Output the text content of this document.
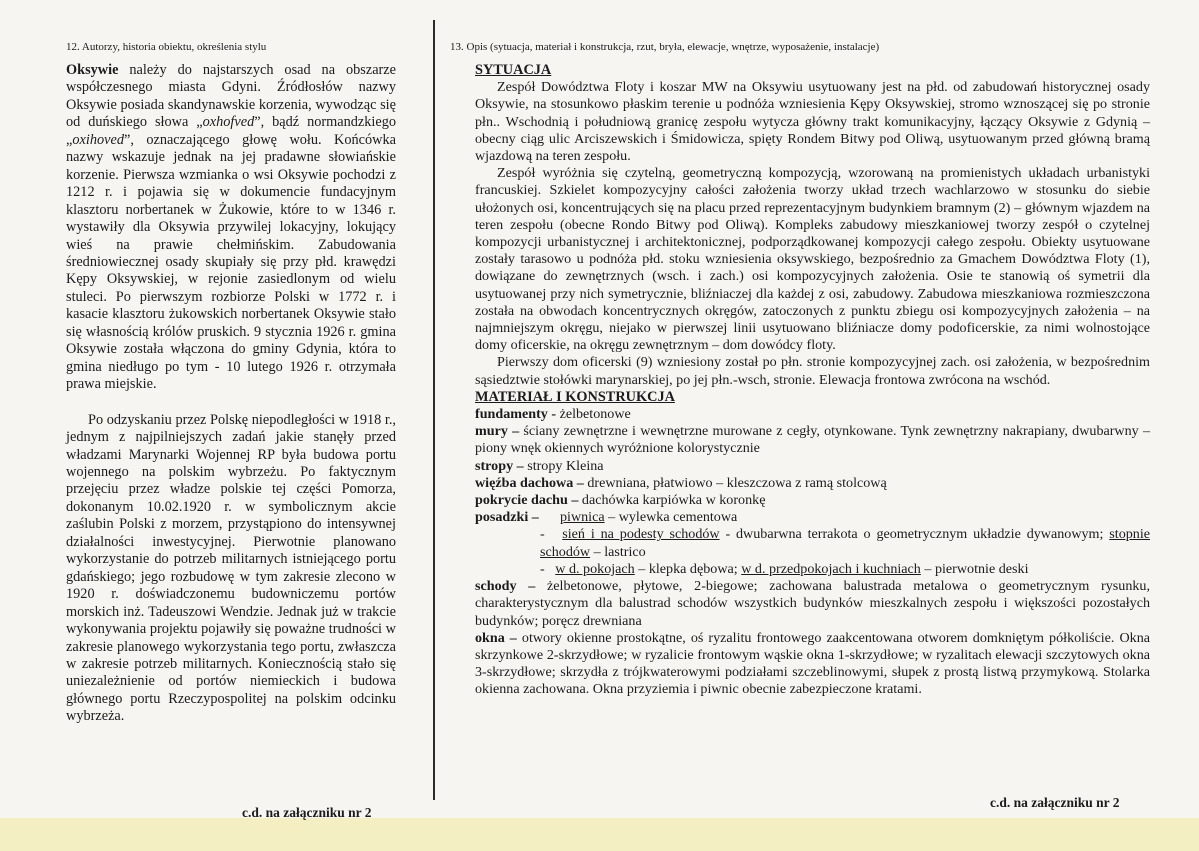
12. Autorzy, historia obiektu, określenia stylu

Oksywie należy do najstarszych osad na obszarze współczesnego miasta Gdyni. Źródłosłów nazwy Oksywie posiada skandynawskie korzenia, wywodząc się od duńskiego słowa „oxhofved”, bądź normandzkiego „oxihoved”, oznaczającego głowę wołu. Końcówka nazwy wskazuje jednak na jej pradawne słowiańskie korzenie. Pierwsza wzmianka o wsi Oksywie pochodzi z 1212 r. i pojawia się w dokumencie fundacyjnym klasztoru norbertanek w Żukowie, które to w 1346 r. wystawiły dla Oksywia przywilej lokacyjny, lokujący wieś na prawie chełmińskim. Zabudowania średniowiecznej osady skupiały się przy płd. krawędzi Kępy Oksywskiej, w rejonie zasiedlonym od wielu stuleci. Po pierwszym rozbiorze Polski w 1772 r. i kasacie klasztoru żukowskich norbertanek Oksywie stało się własnością królów pruskich. 9 stycznia 1926 r. gmina Oksywie została włączona do gminy Gdynia, która to gmina niedługo po tym - 10 lutego 1926 r. otrzymała prawa miejskie.

Po odzyskaniu przez Polskę niepodległości w 1918 r., jednym z najpilniejszych zadań jakie stanęły przed władzami Marynarki Wojennej RP była budowa portu wojennego na polskim wybrzeżu. Po faktycznym przejęciu przez władze polskie tej części Pomorza, dokonanym 10.02.1920 r. w symbolicznym akcie zaślubin Polski z morzem, przystąpiono do intensywnej działalności inwestycyjnej. Pierwotnie planowano wykorzystanie do potrzeb militarnych istniejącego portu gdańskiego; jego rozbudowę w tym zakresie zlecono w 1920 r. doświadczonemu budowniczemu portów morskich inż. Tadeuszowi Wendzie. Jednak już w trakcie wykonywania projektu pojawiły się poważne trudności w zakresie planowego wykorzystania tego portu, zwłaszcza w zakresie potrzeb militarnych. Koniecznością stało się uniezależnienie od portów niemieckich i budowa głównego portu Rzeczypospolitej na polskim odcinku wybrzeża.

13. Opis (sytuacja, materiał i konstrukcja, rzut, bryła, elewacje, wnętrze, wyposażenie, instalacje)

SYTUACJA

Zespół Dowództwa Floty i koszar MW na Oksywiu usytuowany jest na płd. od zabudowań historycznej osady Oksywie, na stosunkowo płaskim terenie u podnóża wzniesienia Kępy Oksywskiej, stromo wznoszącej się po stronie płn.. Wschodnią i południową granicę zespołu wytycza główny trakt komunikacyjny, łączący Oksywie z Gdynią – obecny ciąg ulic Arciszewskich i Śmidowicza, spięty Rondem Bitwy pod Oliwą, usytuowanym przed główną bramą wjazdową na teren zespołu.

Zespół wyróżnia się czytelną, geometryczną kompozycją, wzorowaną na promienistych układach urbanistyki francuskiej. Szkielet kompozycyjny całości założenia tworzy układ trzech wachlarzowo w stosunku do siebie ułożonych osi, koncentrujących się na placu przed reprezentacyjnym budynkiem bramnym (2) – głównym wjazdem na teren zespołu (obecne Rondo Bitwy pod Oliwą). Kompleks zabudowy mieszkaniowej tworzy zespół o czytelnej kompozycji urbanistycznej i architektonicznej, podporządkowanej kompozycji całego zespołu. Obiekty usytuowane zostały tarasowo u podnóża płd. stoku wzniesienia oksywskiego, bezpośrednio za Gmachem Dowództwa Floty (1), dowiązane do zewnętrznych (wsch. i zach.) osi kompozycyjnych założenia. Osie te stanowią oś symetrii dla usytuowanej przy nich symetrycznie, bliźniaczej dla każdej z osi, zabudowy. Zabudowa mieszkaniowa rozmieszczona została na obwodach koncentrycznych okręgów, zatoczonych z punktu zbiegu osi kompozycyjnych założenia – na najmniejszym okręgu, niejako w pierwszej linii usytuowano bliźniacze domy podoficerskie, za nimi wolnostojące domy oficerskie, na okręgu zewnętrznym – dom dowódcy floty.

Pierwszy dom oficerski (9) wzniesiony został po płn. stronie kompozycyjnej zach. osi założenia, w bezpośrednim sąsiedztwie stołówki marynarskiej, po jej płn.-wsch, stronie. Elewacja frontowa zwrócona na wschód.

MATERIAŁ I KONSTRUKCJA

fundamenty - żelbetonowe

mury – ściany zewnętrzne i wewnętrzne murowane z cegły, otynkowane. Tynk zewnętrzny nakrapiany, dwubarwny – piony wnęk okiennych wyróżnione kolorystycznie

stropy – stropy Kleina

więźba dachowa – drewniana, płatwiowo – kleszczowa z ramą stolcową

pokrycie dachu – dachówka karpiówka w koronkę

posadzki – piwnica – wylewka cementowa

-   sień i na podesty schodów - dwubarwna terrakota o geometrycznym układzie dywanowym; stopnie schodów – lastrico

-   w d. pokojach – klepka dębowa; w d. przedpokojach i kuchniach – pierwotnie deski

schody – żelbetonowe, płytowe, 2-biegowe; zachowana balustrada metalowa o geometrycznym rysunku, charakterystycznym dla balustrad schodów wszystkich budynków mieszkalnych zespołu i większości pozostałych budynków; poręcz drewniana

okna – otwory okienne prostokątne, oś ryzalitu frontowego zaakcentowana otworem domkniętym półkoliście. Okna skrzynkowe 2-skrzydłowe; w ryzalicie frontowym wąskie okna 1-skrzydłowe; w ryzalitach elewacji szczytowych okna 3-skrzydłowe; skrzydła z trójkwaterowymi podziałami szczeblinowymi, słupek z prostą listwą przymykową. Stolarka okienna zachowana. Okna przyziemia i piwnic obecnie zabezpieczone kratami.

c.d. na załączniku nr 2
c.d. na załączniku nr 2
